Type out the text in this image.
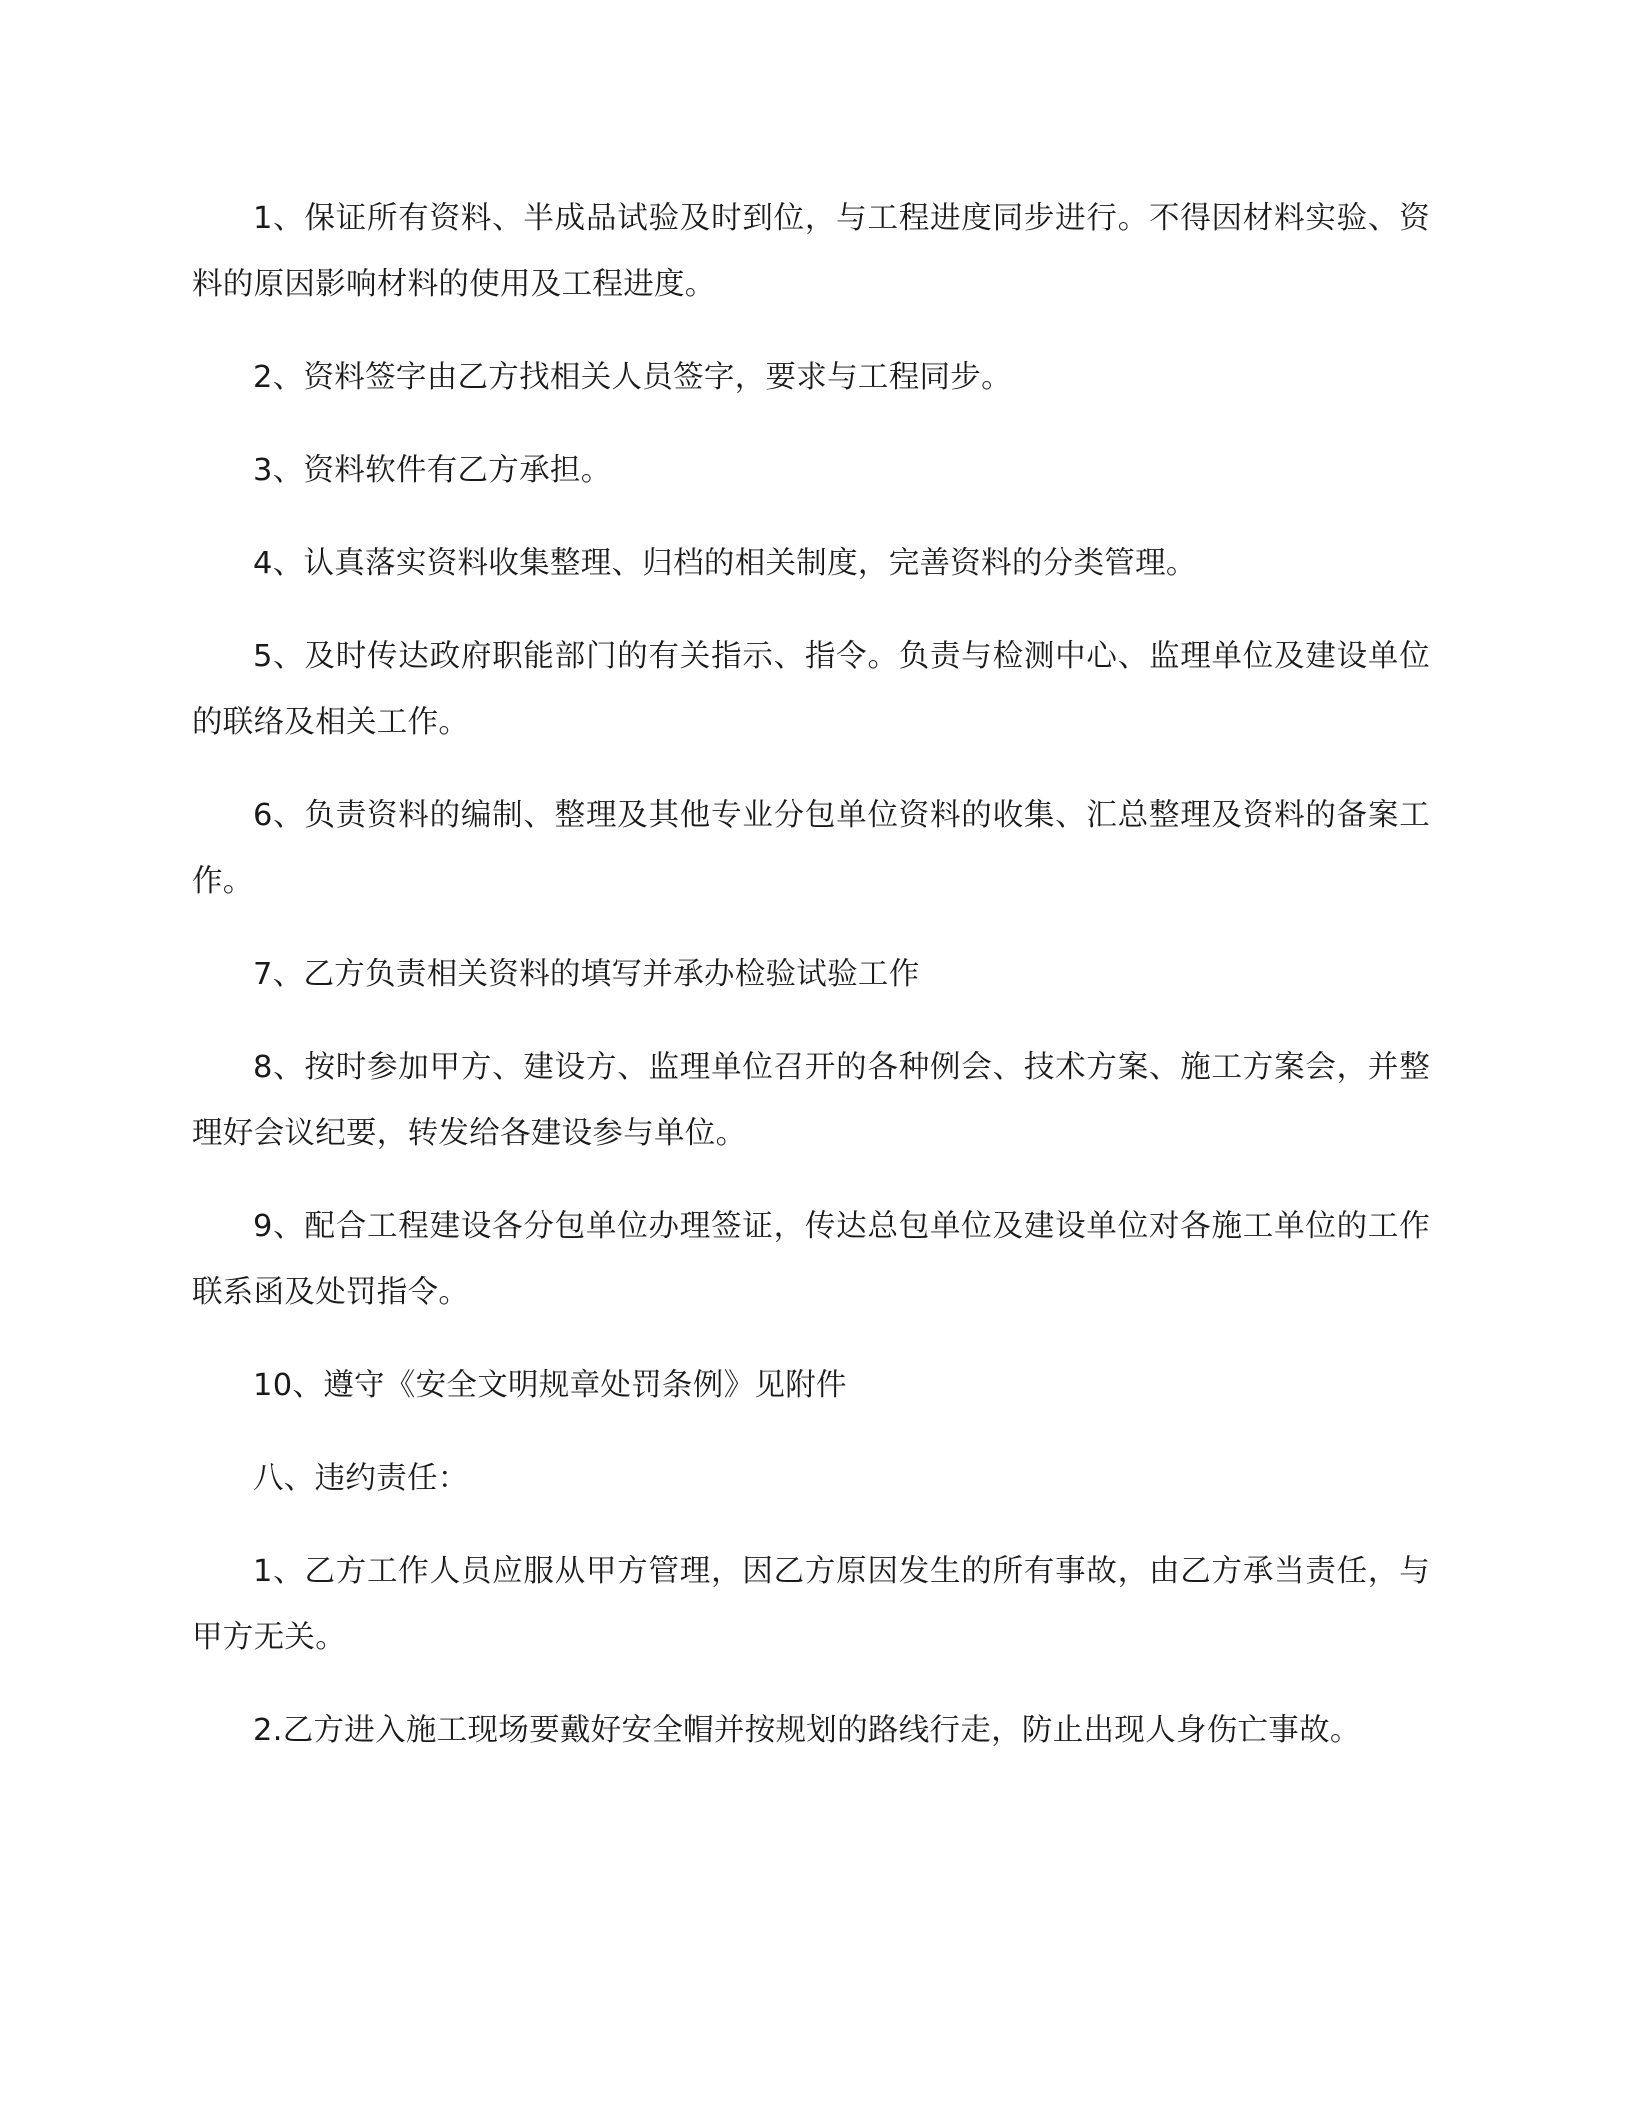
1、保证所有资料、半成品试验及时到位，与工程进度同步进行。不得因材料实验、资料的原因影响材料的使用及工程进度。

2、资料签字由乙方找相关人员签字，要求与工程同步。

3、资料软件有乙方承担。

4、认真落实资料收集整理、归档的相关制度，完善资料的分类管理。

5、及时传达政府职能部门的有关指示、指令。负责与检测中心、监理单位及建设单位的联络及相关工作。

6、负责资料的编制、整理及其他专业分包单位资料的收集、汇总整理及资料的备案工作。

7、乙方负责相关资料的填写并承办检验试验工作

8、按时参加甲方、建设方、监理单位召开的各种例会、技术方案、施工方案会，并整理好会议纪要，转发给各建设参与单位。

9、配合工程建设各分包单位办理签证，传达总包单位及建设单位对各施工单位的工作联系函及处罚指令。

10、遵守《安全文明规章处罚条例》见附件

八、违约责任：

1、乙方工作人员应服从甲方管理，因乙方原因发生的所有事故，由乙方承当责任，与甲方无关。

2.乙方进入施工现场要戴好安全帽并按规划的路线行走，防止出现人身伤亡事故。
